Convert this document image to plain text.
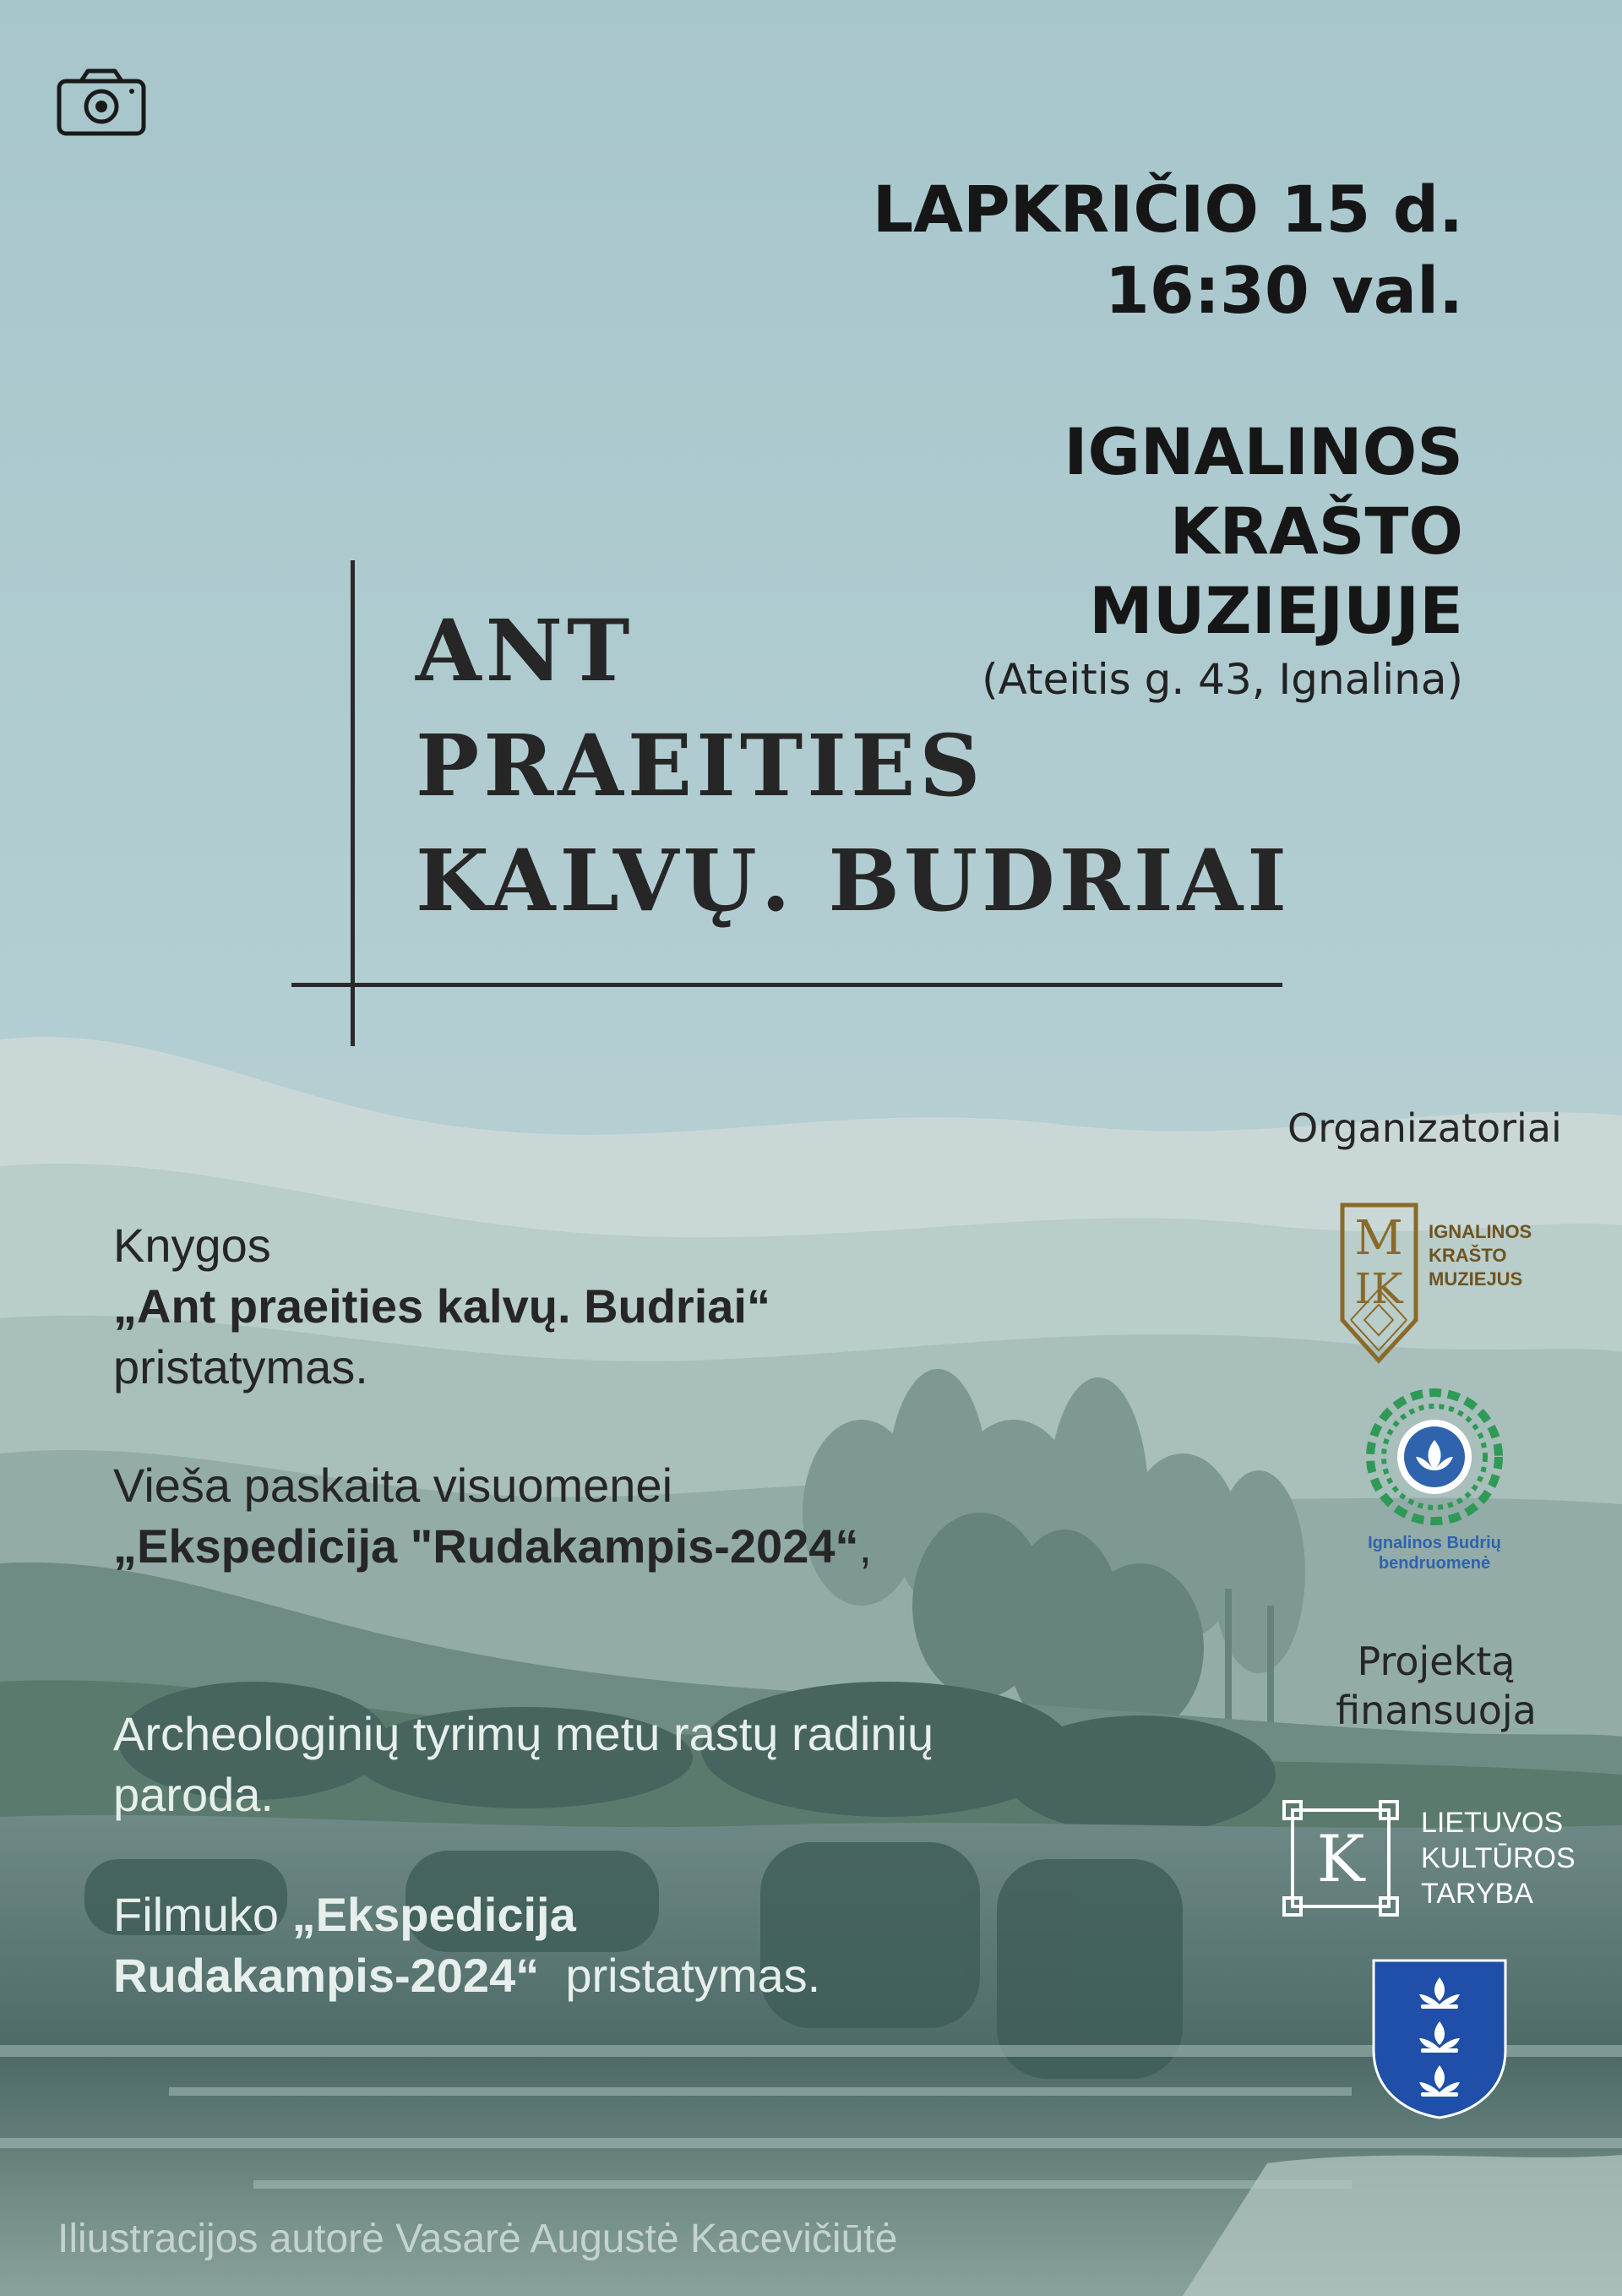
LAPKRIČIO 15 d.
16:30 val.
IGNALINOS
KRAŠTO
MUZIEJUJE
(Ateitis g. 43, Ignalina)
ANT
PRAEITIES
KALVŲ. BUDRIAI
Knygos
„Ant praeities kalvų. Budriai“
pristatymas.
Vieša paskaita visuomenei
„Ekspedicija "Rudakampis-2024“,
Archeologinių tyrimų metu rastų radinių
paroda.
Filmuko „Ekspedicija
Rudakampis-2024“ pristatymas.
Organizatoriai
M
IK
IGNALINOS
KRAŠTO
MUZIEJUS
Ignalinos Budrių
bendruomenė
Projektą
finansuoja
K LIETUVOS
KULTŪROS
TARYBA
Iliustracijos autorė Vasarė Augustė Kacevičiūtė
